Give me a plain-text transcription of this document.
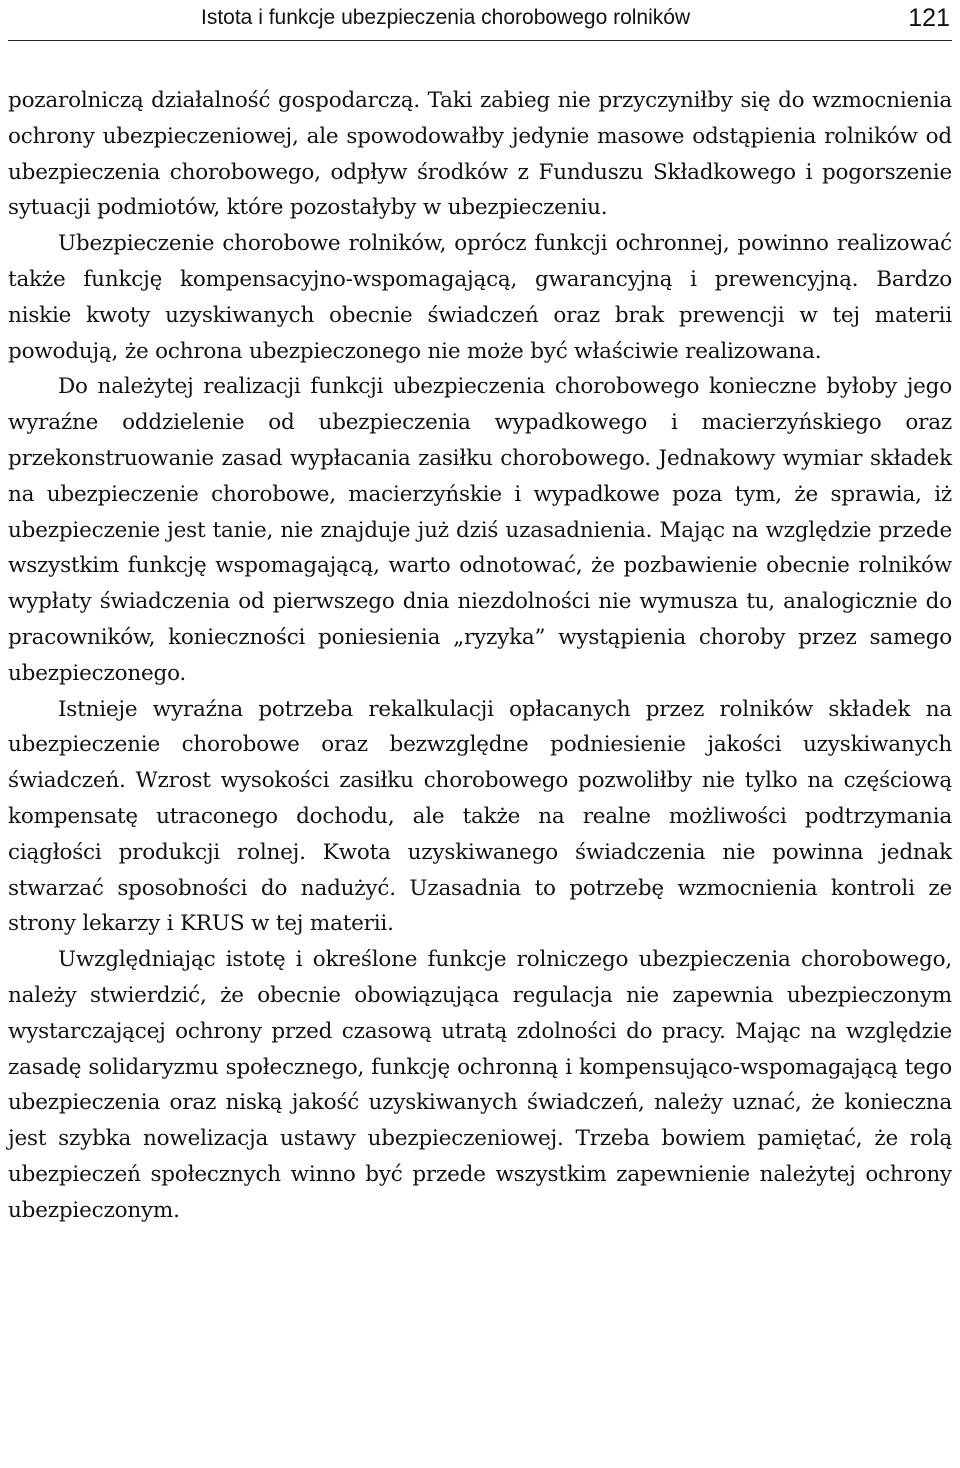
Istota i funkcje ubezpieczenia chorobowego rolników	121

pozarolniczą działalność gospodarczą. Taki zabieg nie przyczyniłby się do wzmocnienia ochrony ubezpieczeniowej, ale spowodowałby jedynie masowe odstąpienia rolników od ubezpieczenia chorobowego, odpływ środków z Funduszu Składkowego i pogorszenie sytuacji podmiotów, które pozostałyby w ubezpieczeniu.

Ubezpieczenie chorobowe rolników, oprócz funkcji ochronnej, powinno realizować także funkcję kompensacyjno-wspomagającą, gwarancyjną i prewencyjną. Bardzo niskie kwoty uzyskiwanych obecnie świadczeń oraz brak prewencji w tej materii powodują, że ochrona ubezpieczonego nie może być właściwie realizowana.

Do należytej realizacji funkcji ubezpieczenia chorobowego konieczne byłoby jego wyraźne oddzielenie od ubezpieczenia wypadkowego i macierzyńskiego oraz przekonstruowanie zasad wypłacania zasiłku chorobowego. Jednakowy wymiar składek na ubezpieczenie chorobowe, macierzyńskie i wypadkowe poza tym, że sprawia, iż ubezpieczenie jest tanie, nie znajduje już dziś uzasadnienia. Mając na względzie przede wszystkim funkcję wspomagającą, warto odnotować, że pozbawienie obecnie rolników wypłaty świadczenia od pierwszego dnia niezdolności nie wymusza tu, analogicznie do pracowników, konieczności poniesienia „ryzyka” wystąpienia choroby przez samego ubezpieczonego.

Istnieje wyraźna potrzeba rekalkulacji opłacanych przez rolników składek na ubezpieczenie chorobowe oraz bezwzględne podniesienie jakości uzyskiwanych świadczeń. Wzrost wysokości zasiłku chorobowego pozwoliłby nie tylko na częściową kompensatę utraconego dochodu, ale także na realne możliwości podtrzymania ciągłości produkcji rolnej. Kwota uzyskiwanego świadczenia nie powinna jednak stwarzać sposobności do nadużyć. Uzasadnia to potrzebę wzmocnienia kontroli ze strony lekarzy i KRUS w tej materii.

Uwzględniając istotę i określone funkcje rolniczego ubezpieczenia chorobowego, należy stwierdzić, że obecnie obowiązująca regulacja nie zapewnia ubezpieczonym wystarczającej ochrony przed czasową utratą zdolności do pracy. Mając na względzie zasadę solidaryzmu społecznego, funkcję ochronną i kompensująco-wspomagającą tego ubezpieczenia oraz niską jakość uzyskiwanych świadczeń, należy uznać, że konieczna jest szybka nowelizacja ustawy ubezpieczeniowej. Trzeba bowiem pamiętać, że rolą ubezpieczeń społecznych winno być przede wszystkim zapewnienie należytej ochrony ubezpieczonym.
